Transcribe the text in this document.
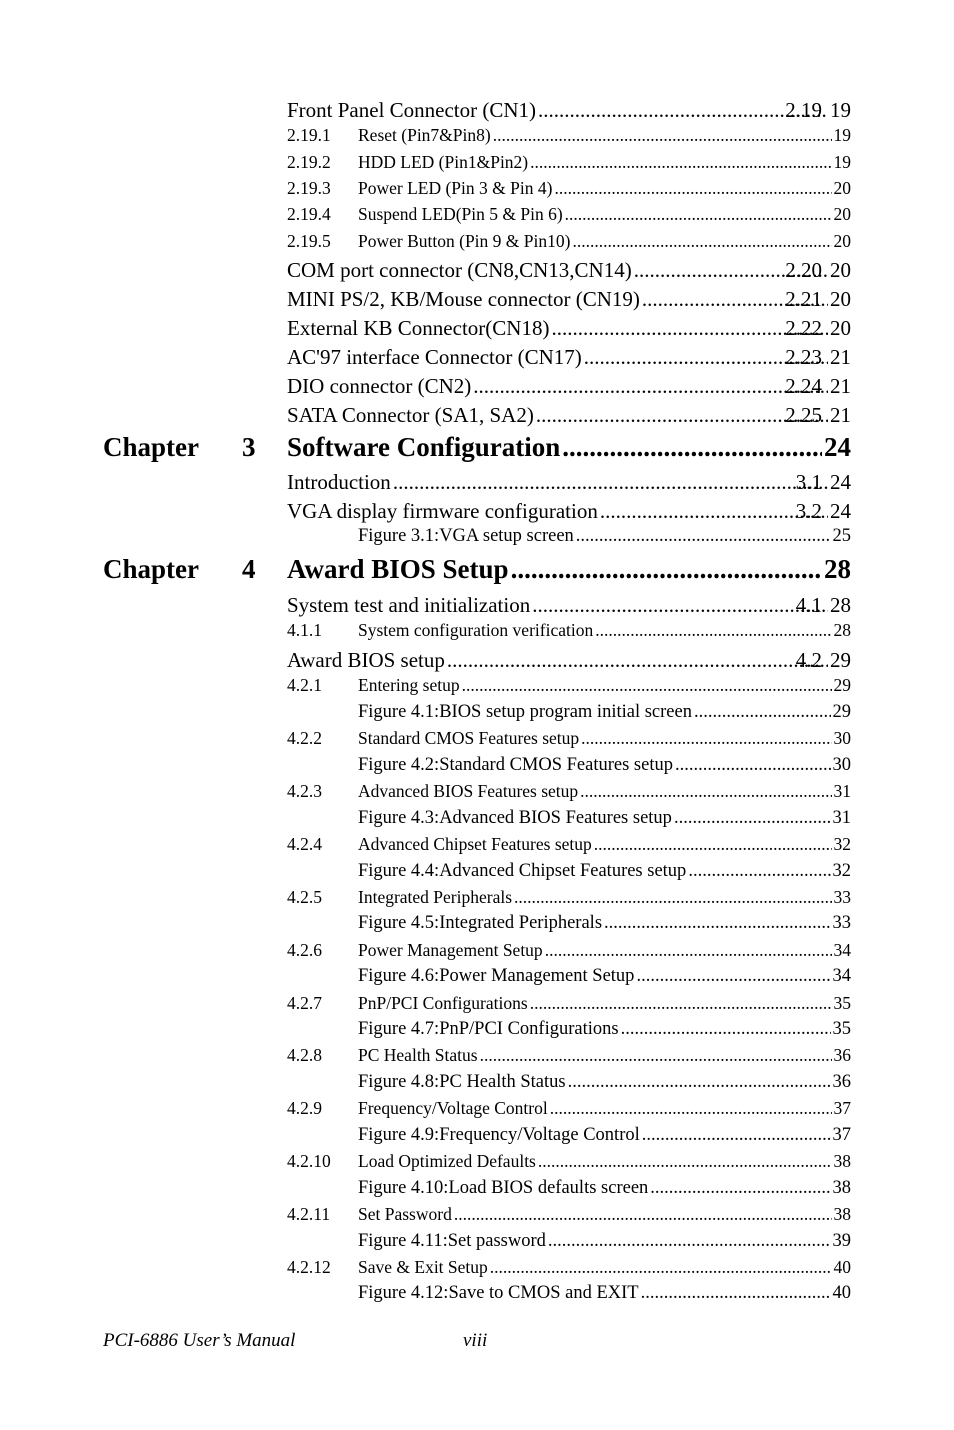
2.19
Front Panel Connector (CN1) .....	19
2.19.1 Reset (Pin7&Pin8) .....	19
2.19.2 HDD LED (Pin1&Pin2) .....	19
2.19.3 Power LED (Pin 3 & Pin 4) .....	20
2.19.4 Suspend LED(Pin 5 & Pin 6) .....	20
2.19.5 Power Button (Pin 9 & Pin10) .....	20
2.20
COM port connector (CN8,CN13,CN14) .....	20
2.21
MINI PS/2, KB/Mouse connector (CN19) .....	20
2.22
External KB Connector(CN18) .....	20
2.23
AC'97 interface Connector (CN17) .....	21
2.24
DIO connector (CN2) .....	21
2.25
SATA Connector (SA1, SA2) .....	21
Chapter 3 Software Configuration .....	24
3.1
Introduction .....	24
3.2
VGA display firmware configuration .....	24
Figure 3.1:VGA setup screen .....	25
Chapter 4 Award BIOS Setup .....	28
4.1
System test and initialization .....	28
4.1.1 System configuration verification .....	28
4.2
Award BIOS setup .....	29
4.2.1 Entering setup .....	29
Figure 4.1:BIOS setup program initial screen .....	29
4.2.2 Standard CMOS Features setup .....	30
Figure 4.2:Standard CMOS Features setup .....	30
4.2.3 Advanced BIOS Features setup .....	31
Figure 4.3:Advanced BIOS Features setup .....	31
4.2.4 Advanced Chipset Features setup .....	32
Figure 4.4:Advanced Chipset Features setup .....	32
4.2.5 Integrated Peripherals .....	33
Figure 4.5:Integrated Peripherals .....	33
4.2.6 Power Management Setup .....	34
Figure 4.6:Power Management Setup .....	34
4.2.7 PnP/PCI Configurations .....	35
Figure 4.7:PnP/PCI Configurations .....	35
4.2.8 PC Health Status .....	36
Figure 4.8:PC Health Status .....	36
4.2.9 Frequency/Voltage Control .....	37
Figure 4.9:Frequency/Voltage Control .....	37
4.2.10 Load Optimized Defaults .....	38
Figure 4.10:Load BIOS defaults screen .....	38
4.2.11 Set Password .....	38
Figure 4.11:Set password .....	39
4.2.12 Save & Exit Setup .....	40
Figure 4.12:Save to CMOS and EXIT .....	40
PCI-6886 User’s Manual	viii
